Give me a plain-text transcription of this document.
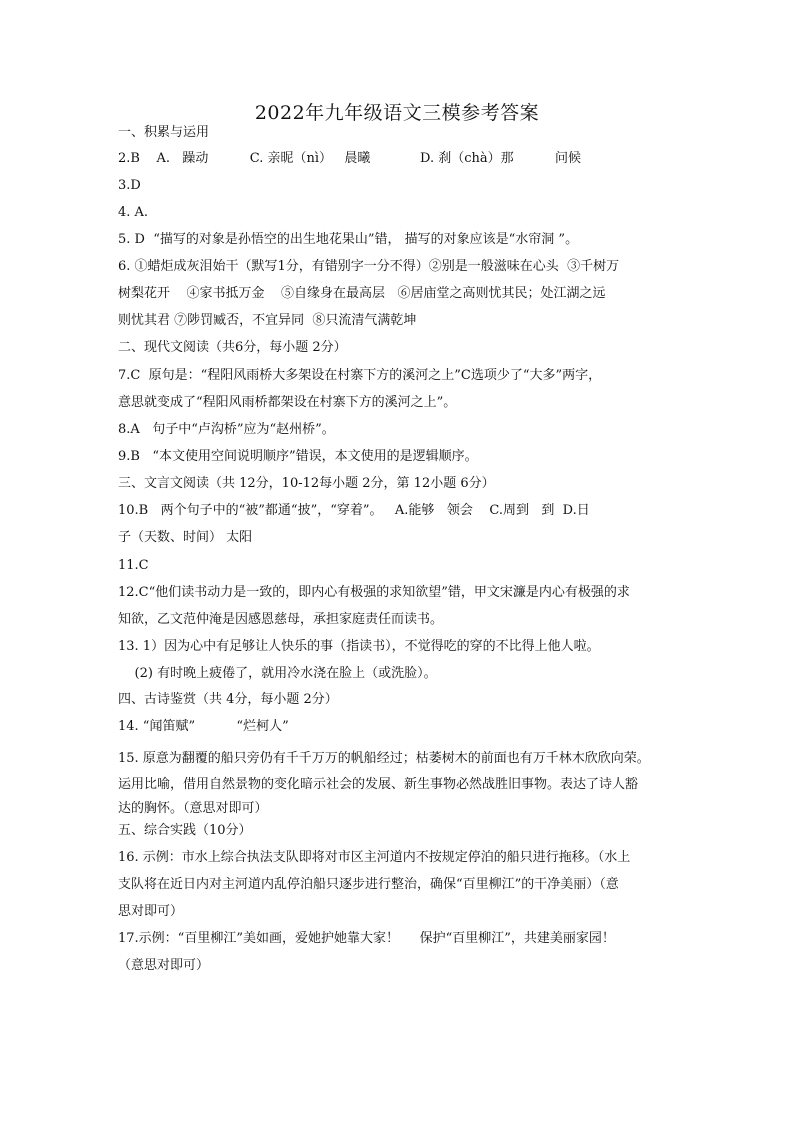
2022年九年级语文三模参考答案
一、积累与运用
2.B    A.   躁动          C. 亲昵（nì）   晨曦            D. 刹（chà）那          问候
3.D
4. A.
5. D  “描写的对象是孙悟空的出生地花果山”错， 描写的对象应该是“水帘洞 ”。
6. ①蜡炬成灰泪始干（默写1分，有错别字一分不得）②别是一般滋味在心头  ③千树万
树梨花开    ④家书抵万金    ⑤自缘身在最高层   ⑥居庙堂之高则忧其民；处江湖之远
则忧其君 ⑦陟罚臧否，不宜异同  ⑧只流清气满乾坤
二、现代文阅读（共6分，每小题 2分）
7.C  原句是：“程阳风雨桥大多架设在村寨下方的溪河之上”C选项少了“大多”两字，
意思就变成了“程阳风雨桥都架设在村寨下方的溪河之上”。
8.A   句子中“卢沟桥”应为“赵州桥”。
9.B   “本文使用空间说明顺序”错误，本文使用的是逻辑顺序。
三、文言文阅读（共 12分，10-12每小题 2分，第 12小题 6分）
10.B   两个句子中的“被”都通“披”，“穿着”。   A.能够   领会    C.周到   到  D.日
子（天数、时间） 太阳
11.C
12.C“他们读书动力是一致的，即内心有极强的求知欲望”错，甲文宋濂是内心有极强的求
知欲，乙文范仲淹是因感恩慈母，承担家庭责任而读书。
13. 1）因为心中有足够让人快乐的事（指读书），不觉得吃的穿的不比得上他人啦。
(2) 有时晚上疲倦了，就用冷水浇在脸上（或洗脸）。
四、古诗鉴赏（共 4分，每小题 2分）
14. “闻笛赋”          “烂柯人”
15. 原意为翻覆的船只旁仍有千千万万的帆船经过；枯萎树木的前面也有万千林木欣欣向荣。
运用比喻，借用自然景物的变化暗示社会的发展、新生事物必然战胜旧事物。表达了诗人豁
达的胸怀。（意思对即可）
五、综合实践（10分）
16. 示例：市水上综合执法支队即将对市区主河道内不按规定停泊的船只进行拖移。（水上
支队将在近日内对主河道内乱停泊船只逐步进行整治，确保“百里柳江”的干净美丽）（意
思对即可）
17.示例：“百里柳江”美如画，爱她护她靠大家！     保护“百里柳江”，共建美丽家园！
（意思对即可）
